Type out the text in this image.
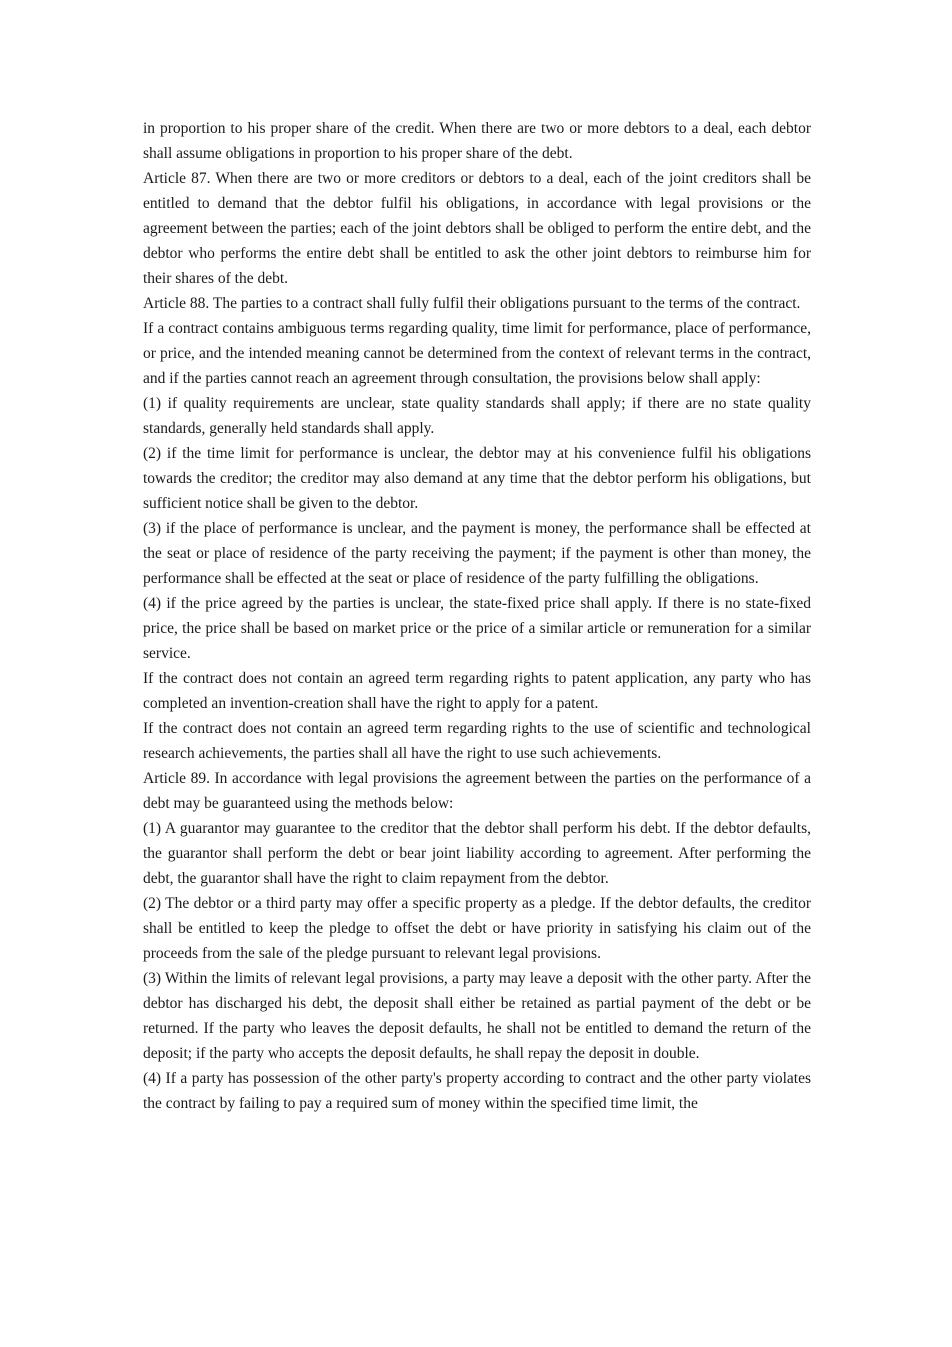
in proportion to his proper share of the credit. When there are two or more debtors to a deal, each debtor shall assume obligations in proportion to his proper share of the debt.

Article 87. When there are two or more creditors or debtors to a deal, each of the joint creditors shall be entitled to demand that the debtor fulfil his obligations, in accordance with legal provisions or the agreement between the parties; each of the joint debtors shall be obliged to perform the entire debt, and the debtor who performs the entire debt shall be entitled to ask the other joint debtors to reimburse him for their shares of the debt.

Article 88. The parties to a contract shall fully fulfil their obligations pursuant to the terms of the contract.

If a contract contains ambiguous terms regarding quality, time limit for performance, place of performance, or price, and the intended meaning cannot be determined from the context of relevant terms in the contract, and if the parties cannot reach an agreement through consultation, the provisions below shall apply:

(1) if quality requirements are unclear, state quality standards shall apply; if there are no state quality standards, generally held standards shall apply.

(2) if the time limit for performance is unclear, the debtor may at his convenience fulfil his obligations towards the creditor; the creditor may also demand at any time that the debtor perform his obligations, but sufficient notice shall be given to the debtor.

(3) if the place of performance is unclear, and the payment is money, the performance shall be effected at the seat or place of residence of the party receiving the payment; if the payment is other than money, the performance shall be effected at the seat or place of residence of the party fulfilling the obligations.

(4) if the price agreed by the parties is unclear, the state-fixed price shall apply. If there is no state-fixed price, the price shall be based on market price or the price of a similar article or remuneration for a similar service.

If the contract does not contain an agreed term regarding rights to patent application, any party who has completed an invention-creation shall have the right to apply for a patent.

If the contract does not contain an agreed term regarding rights to the use of scientific and technological research achievements, the parties shall all have the right to use such achievements.

Article 89. In accordance with legal provisions the agreement between the parties on the performance of a debt may be guaranteed using the methods below:

(1) A guarantor may guarantee to the creditor that the debtor shall perform his debt. If the debtor defaults, the guarantor shall perform the debt or bear joint liability according to agreement. After performing the debt, the guarantor shall have the right to claim repayment from the debtor.

(2) The debtor or a third party may offer a specific property as a pledge. If the debtor defaults, the creditor shall be entitled to keep the pledge to offset the debt or have priority in satisfying his claim out of the proceeds from the sale of the pledge pursuant to relevant legal provisions.

(3) Within the limits of relevant legal provisions, a party may leave a deposit with the other party. After the debtor has discharged his debt, the deposit shall either be retained as partial payment of the debt or be returned. If the party who leaves the deposit defaults, he shall not be entitled to demand the return of the deposit; if the party who accepts the deposit defaults, he shall repay the deposit in double.

(4) If a party has possession of the other party's property according to contract and the other party violates the contract by failing to pay a required sum of money within the specified time limit, the
